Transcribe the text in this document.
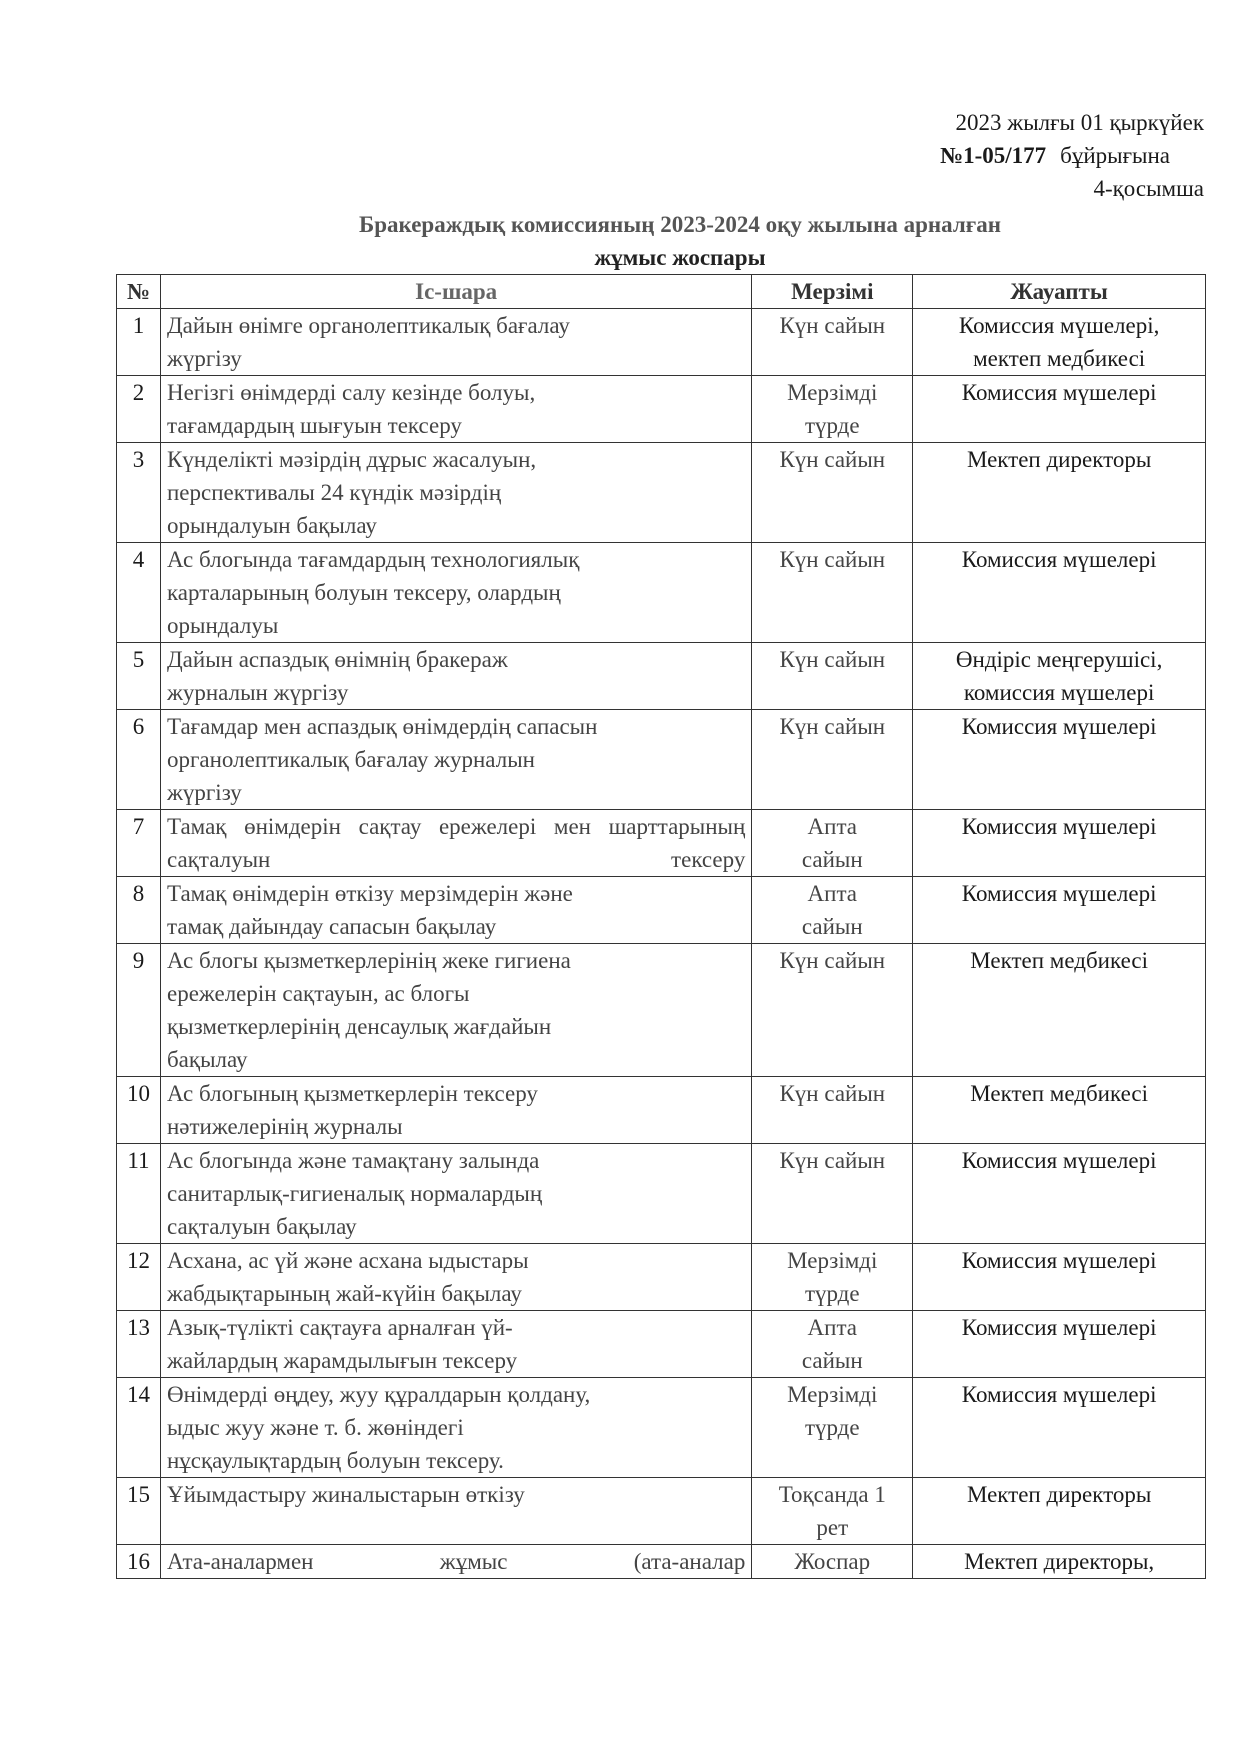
2023 жылғы 01 қыркүйек
№1-05/177 бұйрығына
4-қосымша
Бракераждық комиссияның 2023-2024 оқу жылына арналған
жұмыс жоспары
№	Іс-шара	Мерзімі	Жауапты

1	Дайын өнімге органолептикалық бағалау
жүргізу	Күн сайын	Комиссия мүшелері,
мектеп медбикесі

2	Негізгі өнімдерді салу кезінде болуы,
тағамдардың шығуын тексеру	Мерзімді
түрде	Комиссия мүшелері

3	Күнделікті мәзірдің дұрыс жасалуын,
перспективалы 24 күндік мәзірдің
орындалуын бақылау	Күн сайын	Мектеп директоры

4	Ас блогында тағамдардың технологиялық
карталарының болуын тексеру, олардың
орындалуы	Күн сайын	Комиссия мүшелері

5	Дайын аспаздық өнімнің бракераж
журналын жүргізу	Күн сайын	Өндіріс меңгерушісі,
комиссия мүшелері

6	Тағамдар мен аспаздық өнімдердің сапасын
органолептикалық бағалау журналын
жүргізу	Күн сайын	Комиссия мүшелері

7	Тамақ өнімдерін сақтау ережелері мен шарттарының сақталуын тексеру	Апта
сайын	Комиссия мүшелері

8	Тамақ өнімдерін өткізу мерзімдерін және
тамақ дайындау сапасын бақылау	Апта
сайын	Комиссия мүшелері

9	Ас блогы қызметкерлерінің жеке гигиена
ережелерін сақтауын, ас блогы
қызметкерлерінің денсаулық жағдайын
бақылау	Күн сайын	Мектеп медбикесі

10	Ас блогының қызметкерлерін тексеру
нәтижелерінің журналы	Күн сайын	Мектеп медбикесі

11	Ас блогында және тамақтану залында
санитарлық-гигиеналық нормалардың
сақталуын бақылау	Күн сайын	Комиссия мүшелері

12	Асхана, ас үй және асхана ыдыстары
жабдықтарының жай-күйін бақылау	Мерзімді
түрде	Комиссия мүшелері

13	Азық-түлікті сақтауға арналған үй-
жайлардың жарамдылығын тексеру	Апта
сайын	Комиссия мүшелері

14	Өнімдерді өңдеу, жуу құралдарын қолдану,
ыдыс жуу және т. б. жөніндегі
нұсқаулықтардың болуын тексеру.	Мерзімді
түрде	Комиссия мүшелері

15	Ұйымдастыру жиналыстарын өткізу	Тоқсанда 1
рет	Мектеп директоры

16	Ата-аналармен жұмыс (ата-аналар	Жоспар	Мектеп директоры,
